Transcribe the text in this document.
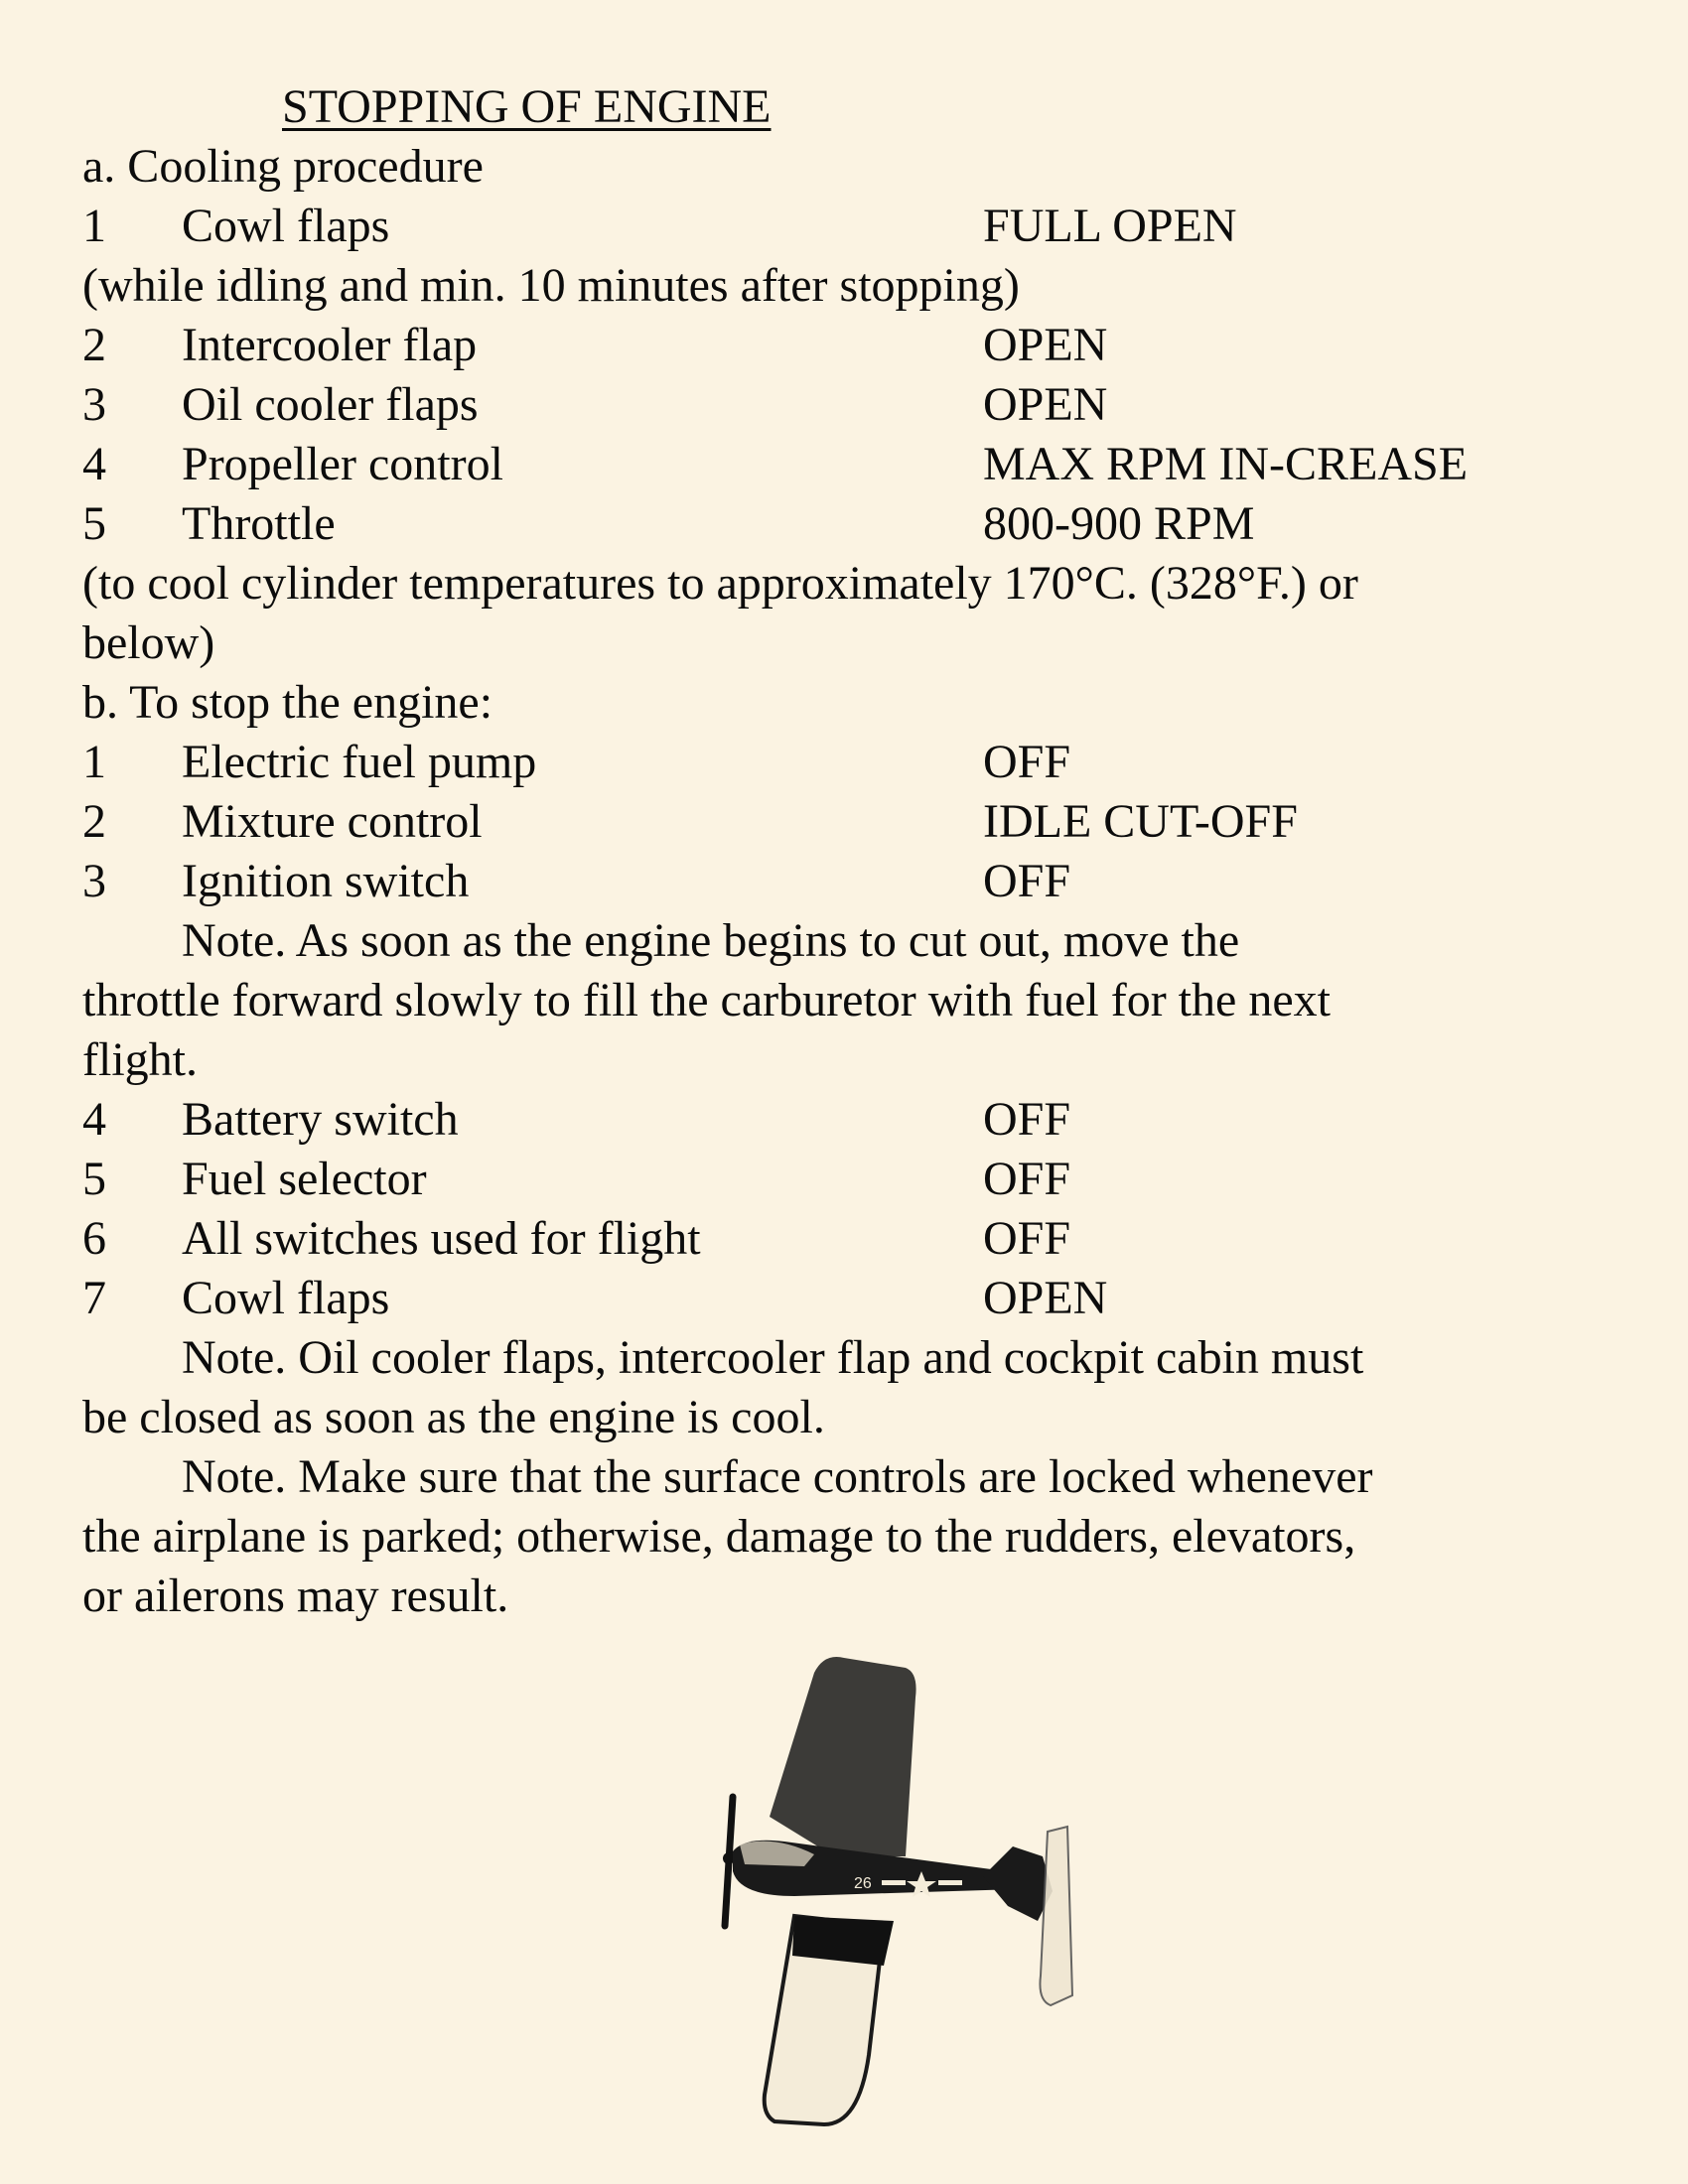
STOPPING OF ENGINE
a. Cooling procedure
1 Cowl flaps	FULL OPEN
(while idling and min. 10 minutes after stopping)
2 Intercooler flap	OPEN
3 Oil cooler flaps	OPEN
4 Propeller control	MAX RPM IN-CREASE
5 Throttle	800-900 RPM
(to cool cylinder temperatures to approximately 170°C. (328°F.) or
below)
b. To stop the engine:
1 Electric fuel pump	OFF
2 Mixture control	IDLE CUT-OFF
3 Ignition switch	OFF
Note. As soon as the engine begins to cut out, move the
throttle forward slowly to fill the carburetor with fuel for the next
flight.
4 Battery switch	OFF
5 Fuel selector	OFF
6 All switches used for flight	OFF
7 Cowl flaps	OPEN
Note. Oil cooler flaps, intercooler flap and cockpit cabin must
be closed as soon as the engine is cool.
Note. Make sure that the surface controls are locked whenever
the airplane is parked; otherwise, damage to the rudders, elevators,
or ailerons may result.
26
